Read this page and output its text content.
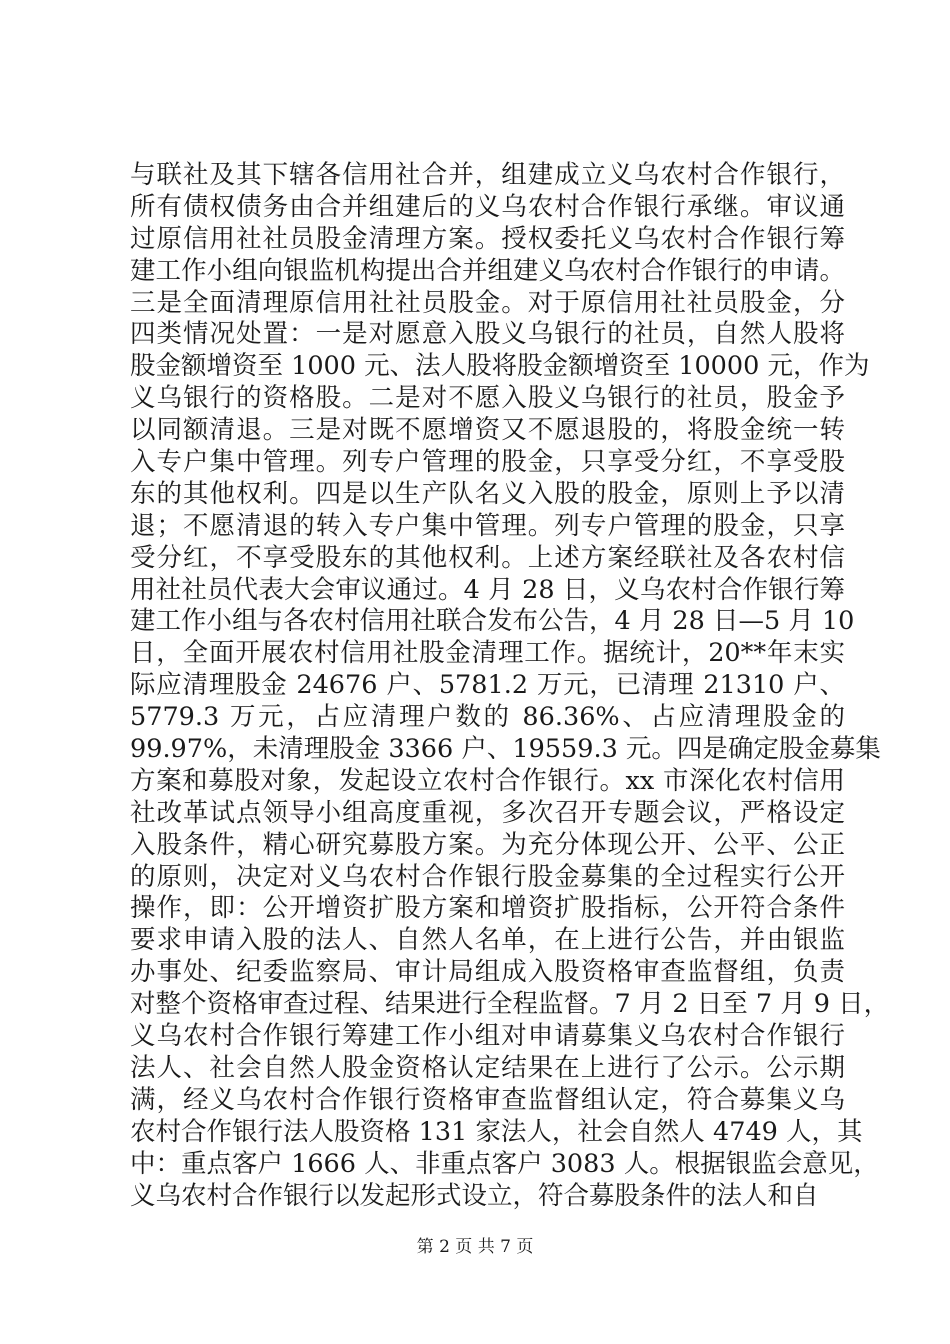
与联社及其下辖各信用社合并，组建成立义乌农村合作银行，
所有债权债务由合并组建后的义乌农村合作银行承继。审议通
过原信用社社员股金清理方案。授权委托义乌农村合作银行筹
建工作小组向银监机构提出合并组建义乌农村合作银行的申请。
三是全面清理原信用社社员股金。对于原信用社社员股金，分
四类情况处置：一是对愿意入股义乌银行的社员，自然人股将
股金额增资至 1000 元、法人股将股金额增资至 10000 元，作为
义乌银行的资格股。二是对不愿入股义乌银行的社员，股金予
以同额清退。三是对既不愿增资又不愿退股的，将股金统一转
入专户集中管理。列专户管理的股金，只享受分红，不享受股
东的其他权利。四是以生产队名义入股的股金，原则上予以清
退；不愿清退的转入专户集中管理。列专户管理的股金，只享
受分红，不享受股东的其他权利。上述方案经联社及各农村信
用社社员代表大会审议通过。4 月 28 日，义乌农村合作银行筹
建工作小组与各农村信用社联合发布公告，4 月 28 日—5 月 10
日，全面开展农村信用社股金清理工作。据统计，20**年末实
际应清理股金 24676 户、5781.2 万元，已清理 21310 户、
5779.3 万元，占应清理户数的 86.36%、占应清理股金的
99.97%，未清理股金 3366 户、19559.3 元。四是确定股金募集
方案和募股对象，发起设立农村合作银行。xx 市深化农村信用
社改革试点领导小组高度重视，多次召开专题会议，严格设定
入股条件，精心研究募股方案。为充分体现公开、公平、公正
的原则，决定对义乌农村合作银行股金募集的全过程实行公开
操作，即：公开增资扩股方案和增资扩股指标，公开符合条件
要求申请入股的法人、自然人名单，在上进行公告，并由银监
办事处、纪委监察局、审计局组成入股资格审查监督组，负责
对整个资格审查过程、结果进行全程监督。7 月 2 日至 7 月 9 日，
义乌农村合作银行筹建工作小组对申请募集义乌农村合作银行
法人、社会自然人股金资格认定结果在上进行了公示。公示期
满，经义乌农村合作银行资格审查监督组认定，符合募集义乌
农村合作银行法人股资格 131 家法人，社会自然人 4749 人，其
中：重点客户 1666 人、非重点客户 3083 人。根据银监会意见，
义乌农村合作银行以发起形式设立，符合募股条件的法人和自
第 2 页 共 7 页
